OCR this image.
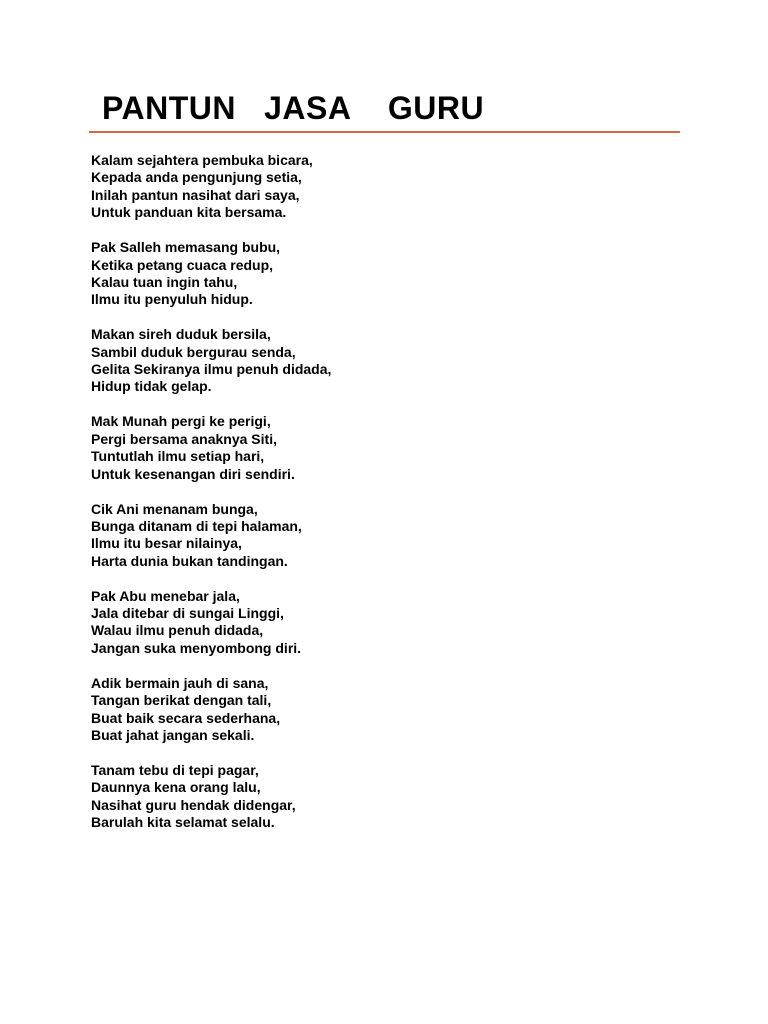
PANTUN   JASA    GURU
Kalam sejahtera pembuka bicara,
Kepada anda pengunjung setia,
Inilah pantun nasihat dari saya,
Untuk panduan kita bersama.
Pak Salleh memasang bubu,
Ketika petang cuaca redup,
Kalau tuan ingin tahu,
Ilmu itu penyuluh hidup.
Makan sireh duduk bersila,
Sambil duduk bergurau senda,
Gelita Sekiranya ilmu penuh didada,
Hidup tidak gelap.
Mak Munah pergi ke perigi,
Pergi bersama anaknya Siti,
Tuntutlah ilmu setiap hari,
Untuk kesenangan diri sendiri.
Cik Ani menanam bunga,
Bunga ditanam di tepi halaman,
Ilmu itu besar nilainya,
Harta dunia bukan tandingan.
Pak Abu menebar jala,
Jala ditebar di sungai Linggi,
Walau ilmu penuh didada,
Jangan suka menyombong diri.
Adik bermain jauh di sana,
Tangan berikat dengan tali,
Buat baik secara sederhana,
Buat jahat jangan sekali.
Tanam tebu di tepi pagar,
Daunnya kena orang lalu,
Nasihat guru hendak didengar,
Barulah kita selamat selalu.
